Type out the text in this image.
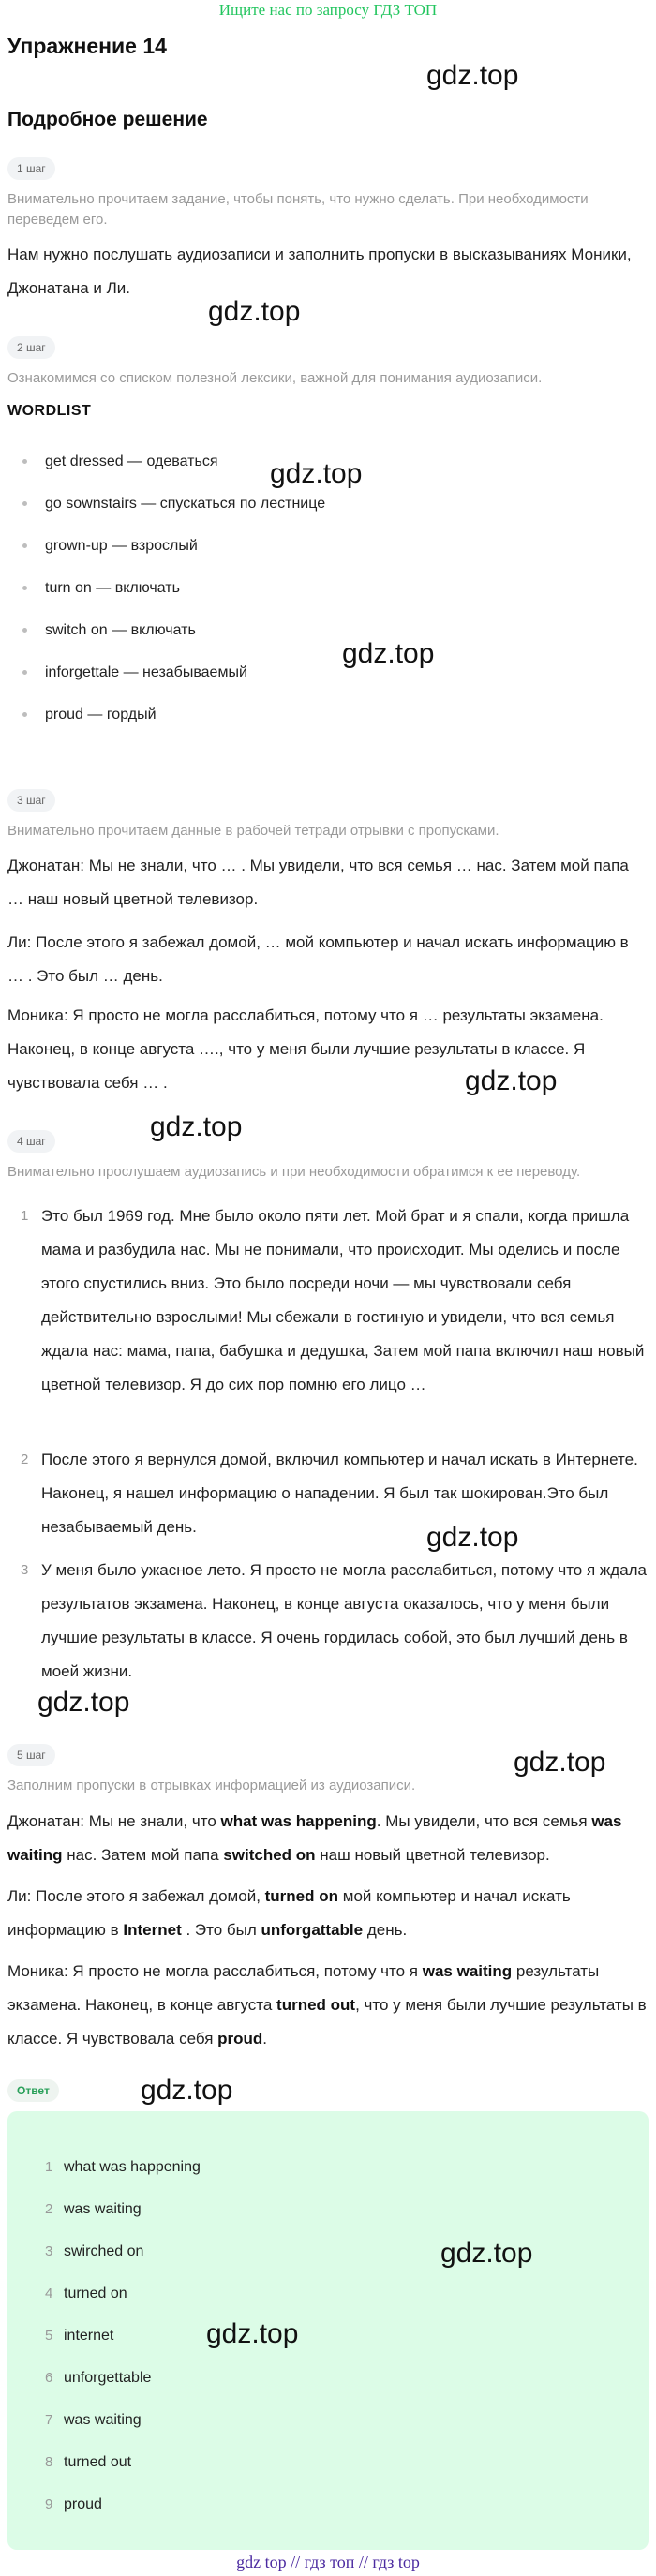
Ищите нас по запросу ГДЗ ТОП
Упражнение 14
gdz.top
Подробное решение
1 шаг
Внимательно прочитаем задание, чтобы понять, что нужно сделать. При необходимости переведем его.
Нам нужно послушать аудиозаписи и заполнить пропуски в высказываниях Моники, Джонатана и Ли.
gdz.top
2 шаг
Ознакомимся со списком полезной лексики, важной для понимания аудиозаписи.
WORDLIST
get dressed — одеваться
go sownstairs — спускаться по лестнице
grown-up — взрослый
turn on — включать
switch on — включать
inforgettale — незабываемый
proud — гордый
gdz.top
gdz.top
3 шаг
Внимательно прочитаем данные в рабочей тетради отрывки с пропусками.
Джонатан: Мы не знали, что … . Мы увидели, что вся семья … нас. Затем мой папа … наш новый цветной телевизор.
Ли: После этого я забежал домой, … мой компьютер и начал искать информацию в … . Это был … день.
Моника: Я просто не могла расслабиться, потому что я … результаты экзамена. Наконец, в конце августа …., что у меня были лучшие результаты в классе. Я чувствовала себя … .	gdz.top
gdz.top
4 шаг
Внимательно прослушаем аудиозапись и при необходимости обратимся к ее переводу.
1 Это был 1969 год. Мне было около пяти лет. Мой брат и я спали, когда пришла мама и разбудила нас. Мы не понимали, что происходит. Мы оделись и после этого спустились вниз. Это было посреди ночи — мы чувствовали себя действительно взрослыми! Мы сбежали в гостиную и увидели, что вся семья ждала нас: мама, папа, бабушка и дедушка, Затем мой папа включил наш новый цветной телевизор. Я до сих пор помню его лицо …
2 После этого я вернулся домой, включил компьютер и начал искать в Интернете. Наконец, я нашел информацию о нападении. Я был так шокирован.Это был незабываемый день.	gdz.top
3 У меня было ужасное лето. Я просто не могла расслабиться, потому что я ждала результатов экзамена. Наконец, в конце августа оказалось, что у меня были лучшие результаты в классе. Я очень гордилась собой, это был лучший день в моей жизни.
gdz.top
5 шаг	gdz.top
Заполним пропуски в отрывках информацией из аудиозаписи.
Джонатан: Мы не знали, что what was happening. Мы увидели, что вся семья was waiting нас. Затем мой папа switched on наш новый цветной телевизор.
Ли: После этого я забежал домой, turned on мой компьютер и начал искать информацию в Internet . Это был unforgattable день.
Моника: Я просто не могла расслабиться, потому что я was waiting результаты экзамена. Наконец, в конце августа turned out, что у меня были лучшие результаты в классе. Я чувствовала себя proud.
Ответ	gdz.top
1 what was happening
2 was waiting
3 swirched on
4 turned on
5 internet
6 unforgettable
7 was waiting
8 turned out
9 proud
gdz.top
gdz.top
gdz top // гдз топ // гдз top
